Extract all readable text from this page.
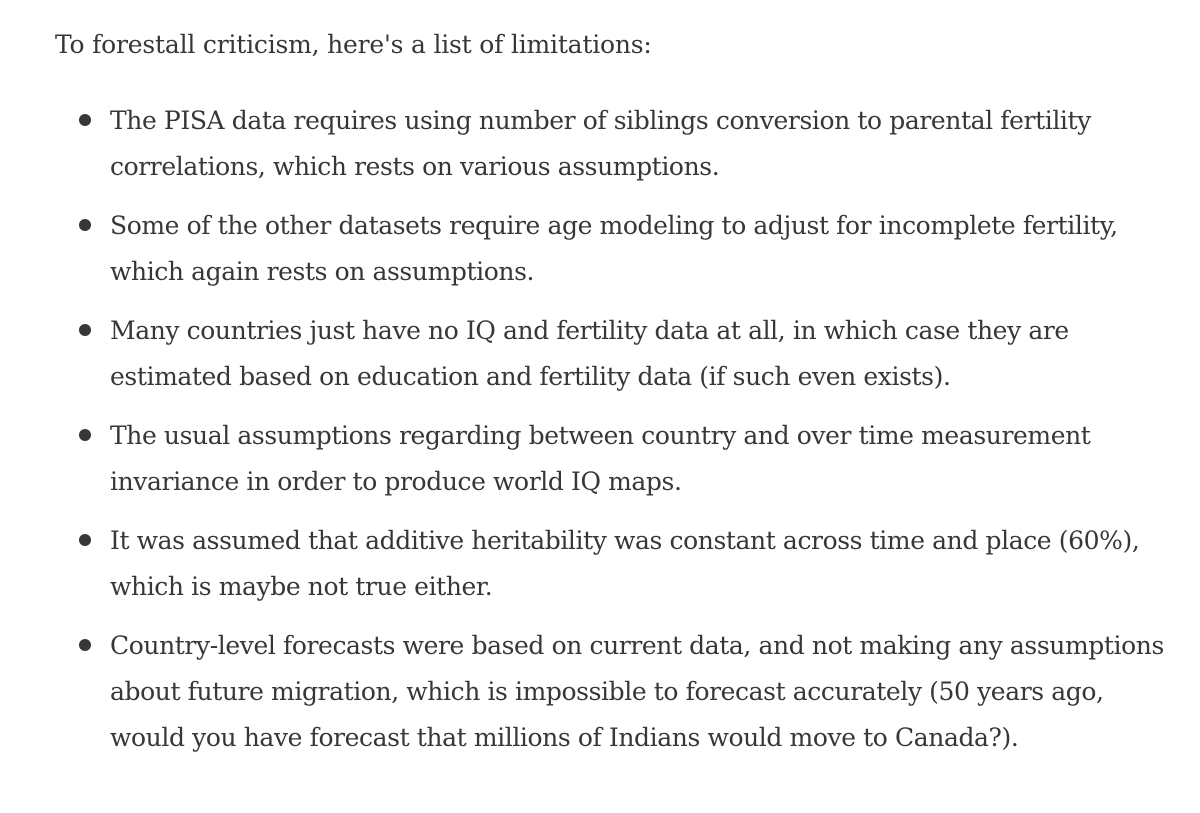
To forestall criticism, here's a list of limitations:

The PISA data requires using number of siblings conversion to parental fertility correlations, which rests on various assumptions.
Some of the other datasets require age modeling to adjust for incomplete fertility, which again rests on assumptions.
Many countries just have no IQ and fertility data at all, in which case they are estimated based on education and fertility data (if such even exists).
The usual assumptions regarding between country and over time measurement invariance in order to produce world IQ maps.
It was assumed that additive heritability was constant across time and place (60%), which is maybe not true either.
Country-level forecasts were based on current data, and not making any assumptions about future migration, which is impossible to forecast accurately (50 years ago, would you have forecast that millions of Indians would move to Canada?).
